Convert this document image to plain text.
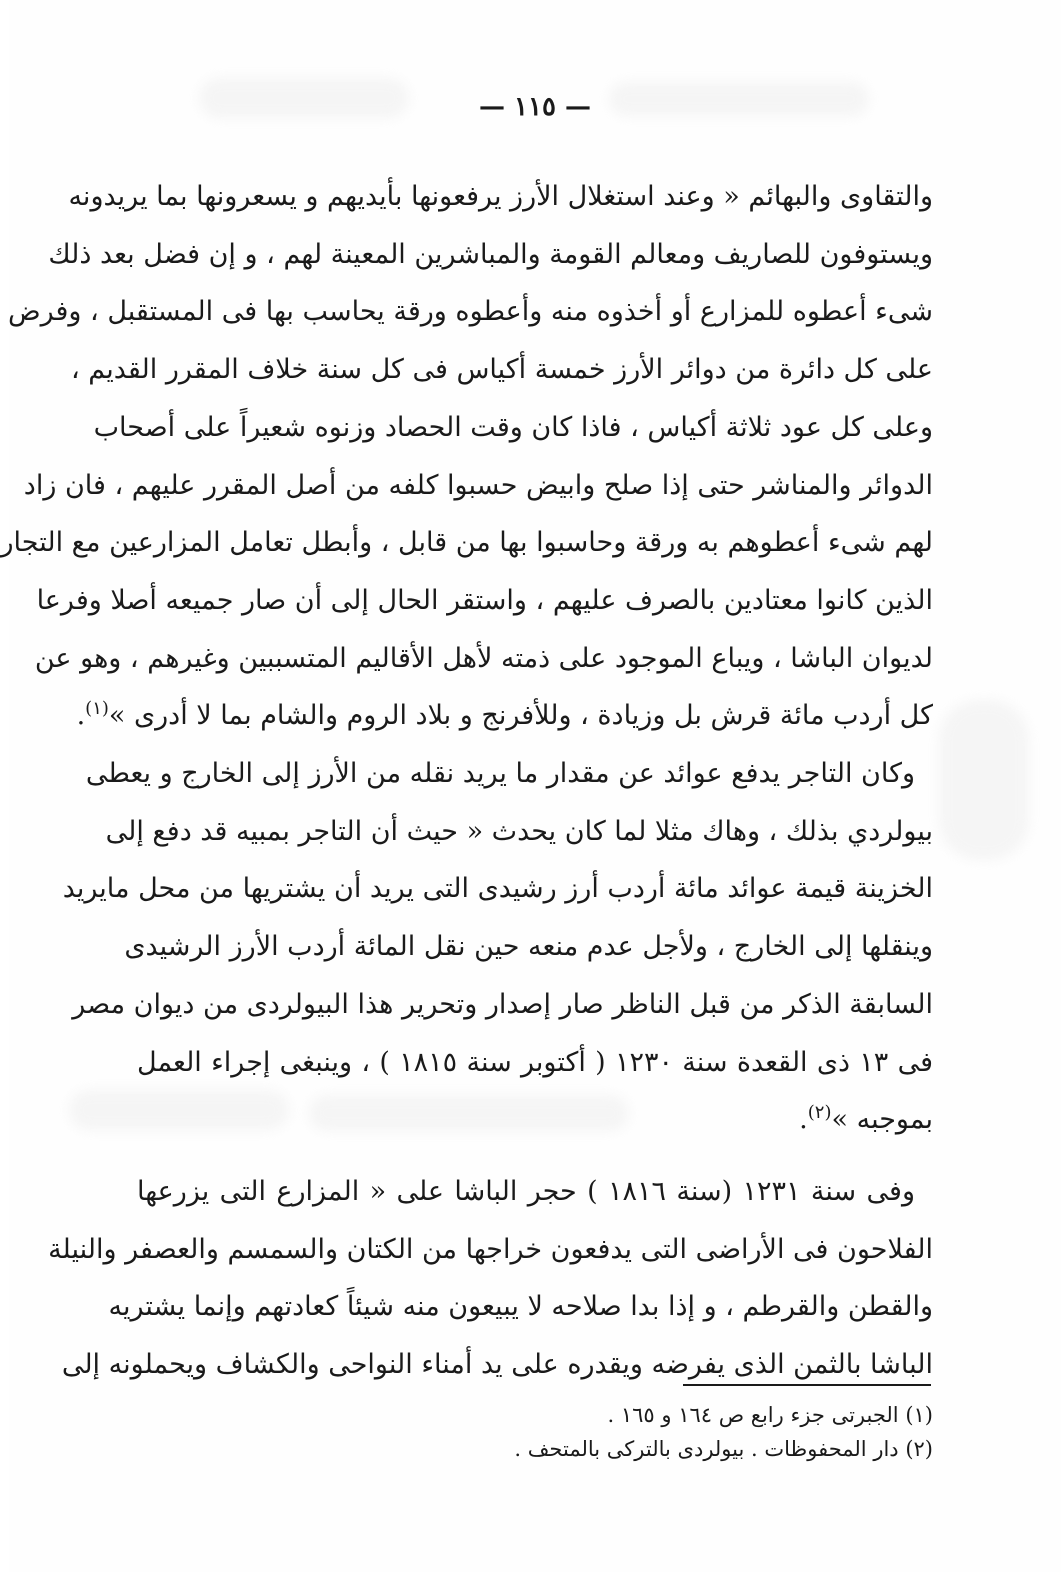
— ١١٥ —
والتقاوى والبهائم « وعند استغلال الأرز يرفعونها بأيديهم و يسعرونها بما يريدونه
ويستوفون للصاريف ومعالم القومة والمباشرين المعينة لهم ، و إن فضل بعد ذلك
شىء أعطوه للمزارع أو أخذوه منه وأعطوه ورقة يحاسب بها فى المستقبل ، وفرض
على كل دائرة من دوائر الأرز خمسة أكياس فى كل سنة خلاف المقرر القديم ،
وعلى كل عود ثلاثة أكياس ، فاذا كان وقت الحصاد وزنوه شعيراً على أصحاب
الدوائر والمناشر حتى إذا صلح وابيض حسبوا كلفه من أصل المقرر عليهم ، فان زاد
لهم شىء أعطوهم به ورقة وحاسبوا بها من قابل ، وأبطل تعامل المزارعين مع التجار
الذين كانوا معتادين بالصرف عليهم ، واستقر الحال إلى أن صار جميعه أصلا وفرعا
لديوان الباشا ، ويباع الموجود على ذمته لأهل الأقاليم المتسببين وغيرهم ، وهو عن
كل أردب مائة قرش بل وزيادة ، وللأفرنج و بلاد الروم والشام بما لا أدرى »$^{(١)}$.
وكان التاجر يدفع عوائد عن مقدار ما يريد نقله من الأرز إلى الخارج و يعطى
بيولردي بذلك ، وهاك مثلا لما كان يحدث « حيث أن التاجر بمبيه قد دفع إلى
الخزينة قيمة عوائد مائة أردب أرز رشيدى التى يريد أن يشتريها من محل مايريد
وينقلها إلى الخارج ، ولأجل عدم منعه حين نقل المائة أردب الأرز الرشيدى
السابقة الذكر من قبل الناظر صار إصدار وتحرير هذا البيولردى من ديوان مصر
فى ١٣ ذى القعدة سنة ١٢٣٠ ( أكتوبر سنة ١٨١٥ ) ، وينبغى إجراء العمل
بموجبه »$^{(٢)}$.
وفى سنة ١٢٣١ (سنة ١٨١٦ ) حجر الباشا على « المزارع التى يزرعها
الفلاحون فى الأراضى التى يدفعون خراجها من الكتان والسمسم والعصفر والنيلة
والقطن والقرطم ، و إذا بدا صلاحه لا يبيعون منه شيئاً كعادتهم وإنما يشتريه
الباشا بالثمن الذى يفرضه ويقدره على يد أمناء النواحى والكشاف ويحملونه إلى
(١) الجبرتى جزء رابع ص ١٦٤ و ١٦٥ .
(٢) دار المحفوظات . بيولردى بالتركى بالمتحف .
